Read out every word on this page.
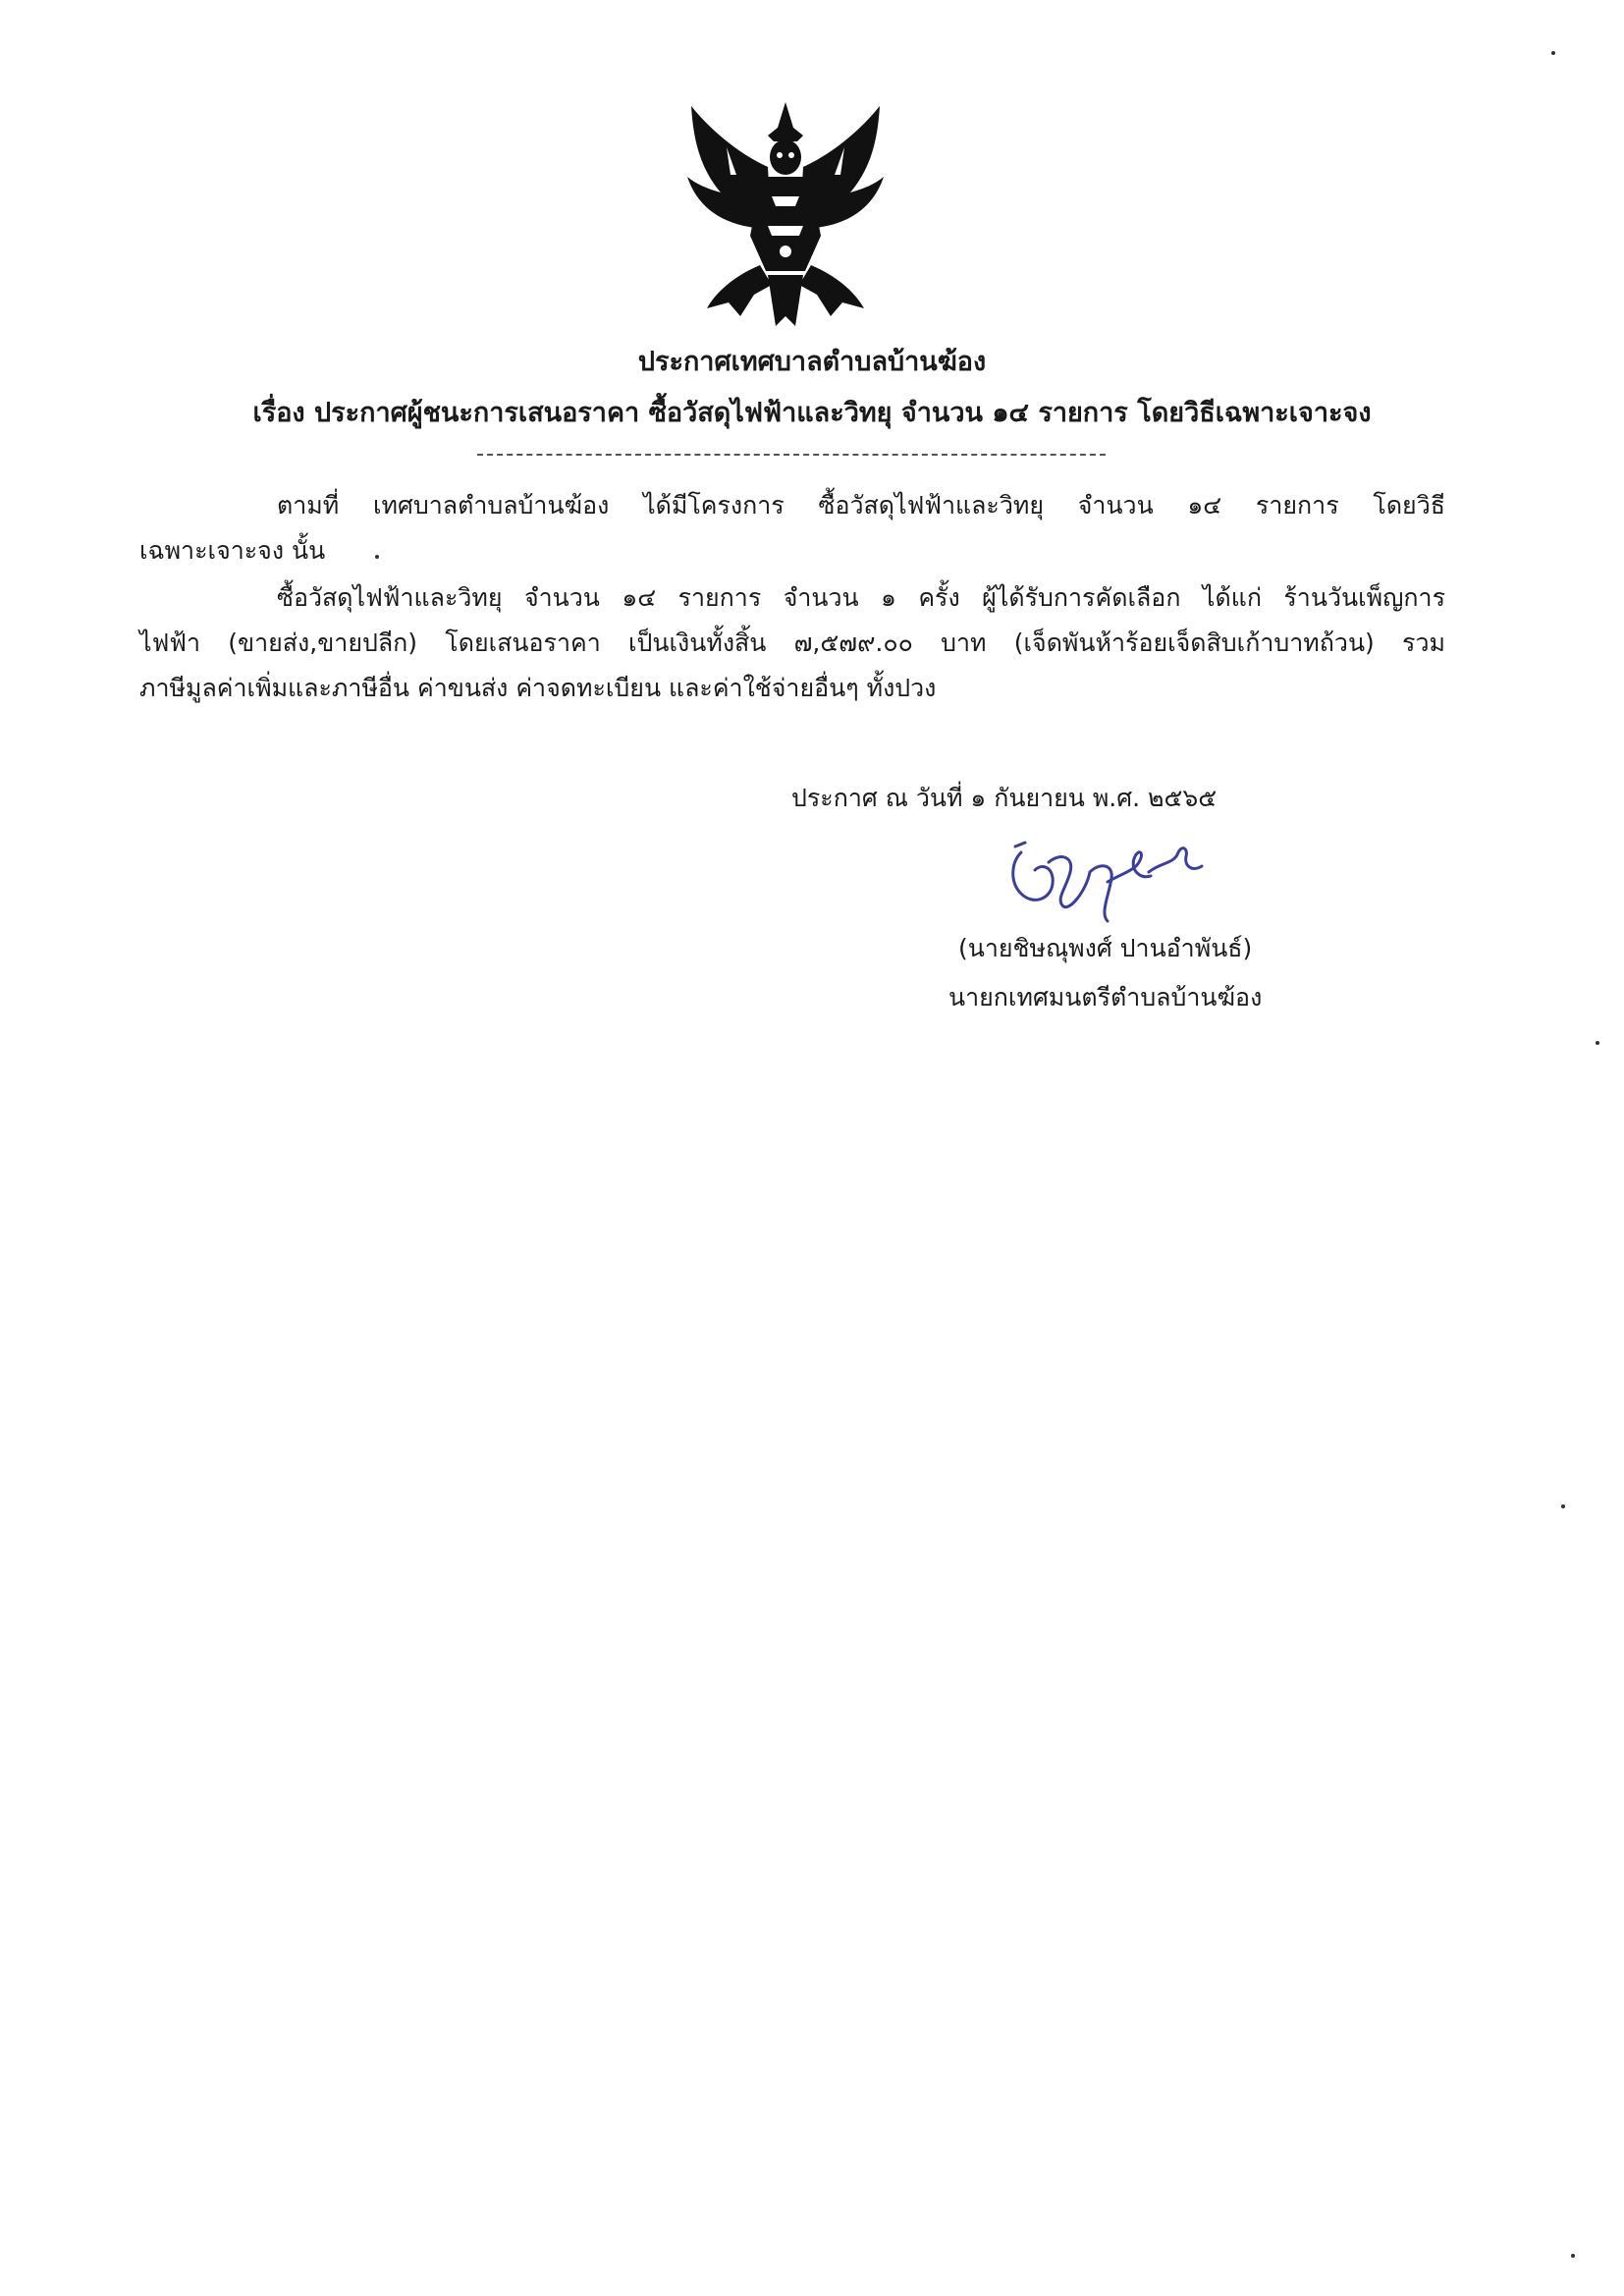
ประกาศเทศบาลตำบลบ้านฆ้อง
เรื่อง ประกาศผู้ชนะการเสนอราคา ซื้อวัสดุไฟฟ้าและวิทยุ จำนวน ๑๔ รายการ โดยวิธีเฉพาะเจาะจง
ตามที่ เทศบาลตำบลบ้านฆ้อง ได้มีโครงการ ซื้อวัสดุไฟฟ้าและวิทยุ จำนวน ๑๔ รายการ โดยวิธี
เฉพาะเจาะจง นั้น
ซื้อวัสดุไฟฟ้าและวิทยุ จำนวน ๑๔ รายการ จำนวน ๑ ครั้ง ผู้ได้รับการคัดเลือก ได้แก่ ร้านวันเพ็ญการ
ไฟฟ้า (ขายส่ง,ขายปลีก) โดยเสนอราคา เป็นเงินทั้งสิ้น ๗,๕๗๙.๐๐ บาท (เจ็ดพันห้าร้อยเจ็ดสิบเก้าบาทถ้วน) รวม
ภาษีมูลค่าเพิ่มและภาษีอื่น ค่าขนส่ง ค่าจดทะเบียน และค่าใช้จ่ายอื่นๆ ทั้งปวง
ประกาศ ณ วันที่ ๑ กันยายน พ.ศ. ๒๕๖๕
(นายชิษณุพงศ์ ปานอำพันธ์)
นายกเทศมนตรีตำบลบ้านฆ้อง
